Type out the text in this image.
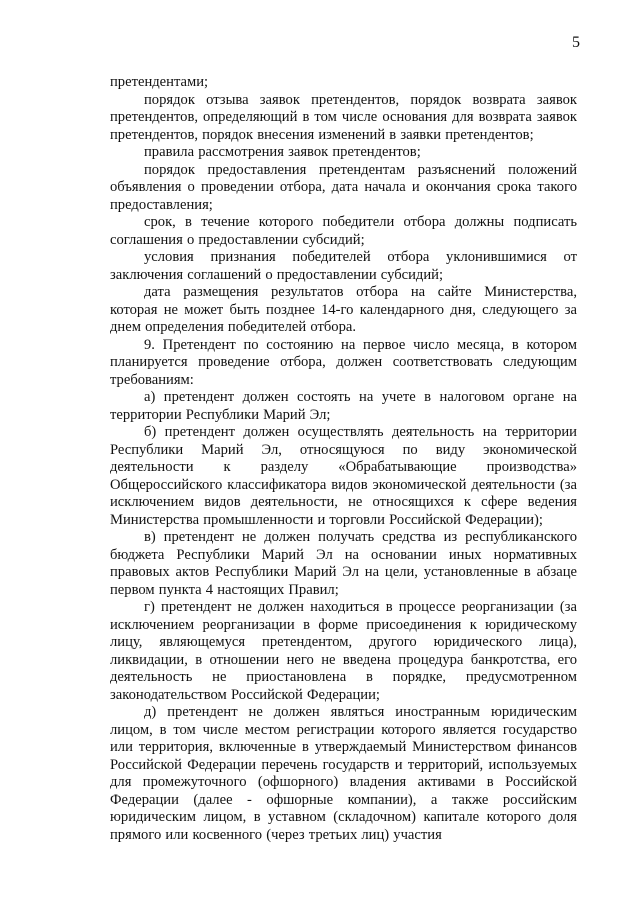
5

претендентами;

порядок отзыва заявок претендентов, порядок возврата заявок претендентов, определяющий в том числе основания для возврата заявок претендентов, порядок внесения изменений в заявки претендентов;

правила рассмотрения заявок претендентов;

порядок предоставления претендентам разъяснений положений объявления о проведении отбора, дата начала и окончания срока такого предоставления;

срок, в течение которого победители отбора должны подписать соглашения о предоставлении субсидий;

условия признания победителей отбора уклонившимися от заключения соглашений о предоставлении субсидий;

дата размещения результатов отбора на сайте Министерства, которая не может быть позднее 14-го календарного дня, следующего за днем определения победителей отбора.

9. Претендент по состоянию на первое число месяца, в котором планируется проведение отбора, должен соответствовать следующим требованиям:

а) претендент должен состоять на учете в налоговом органе на территории Республики Марий Эл;

б) претендент должен осуществлять деятельность на территории Республики Марий Эл, относящуюся по виду экономической деятельности к разделу «Обрабатывающие производства» Общероссийского классификатора видов экономической деятельности (за исключением видов деятельности, не относящихся к сфере ведения Министерства промышленности и торговли Российской Федерации);

в) претендент не должен получать средства из республиканского бюджета Республики Марий Эл на основании иных нормативных правовых актов Республики Марий Эл на цели, установленные в абзаце первом пункта 4 настоящих Правил;

г) претендент не должен находиться в процессе реорганизации (за исключением реорганизации в форме присоединения к юридическому лицу, являющемуся претендентом, другого юридического лица), ликвидации, в отношении него не введена процедура банкротства, его деятельность не приостановлена в порядке, предусмотренном законодательством Российской Федерации;

д) претендент не должен являться иностранным юридическим лицом, в том числе местом регистрации которого является государство или территория, включенные в утверждаемый Министерством финансов Российской Федерации перечень государств и территорий, используемых для промежуточного (офшорного) владения активами в Российской Федерации (далее - офшорные компании), а также российским юридическим лицом, в уставном (складочном) капитале которого доля прямого или косвенного (через третьих лиц) участия
